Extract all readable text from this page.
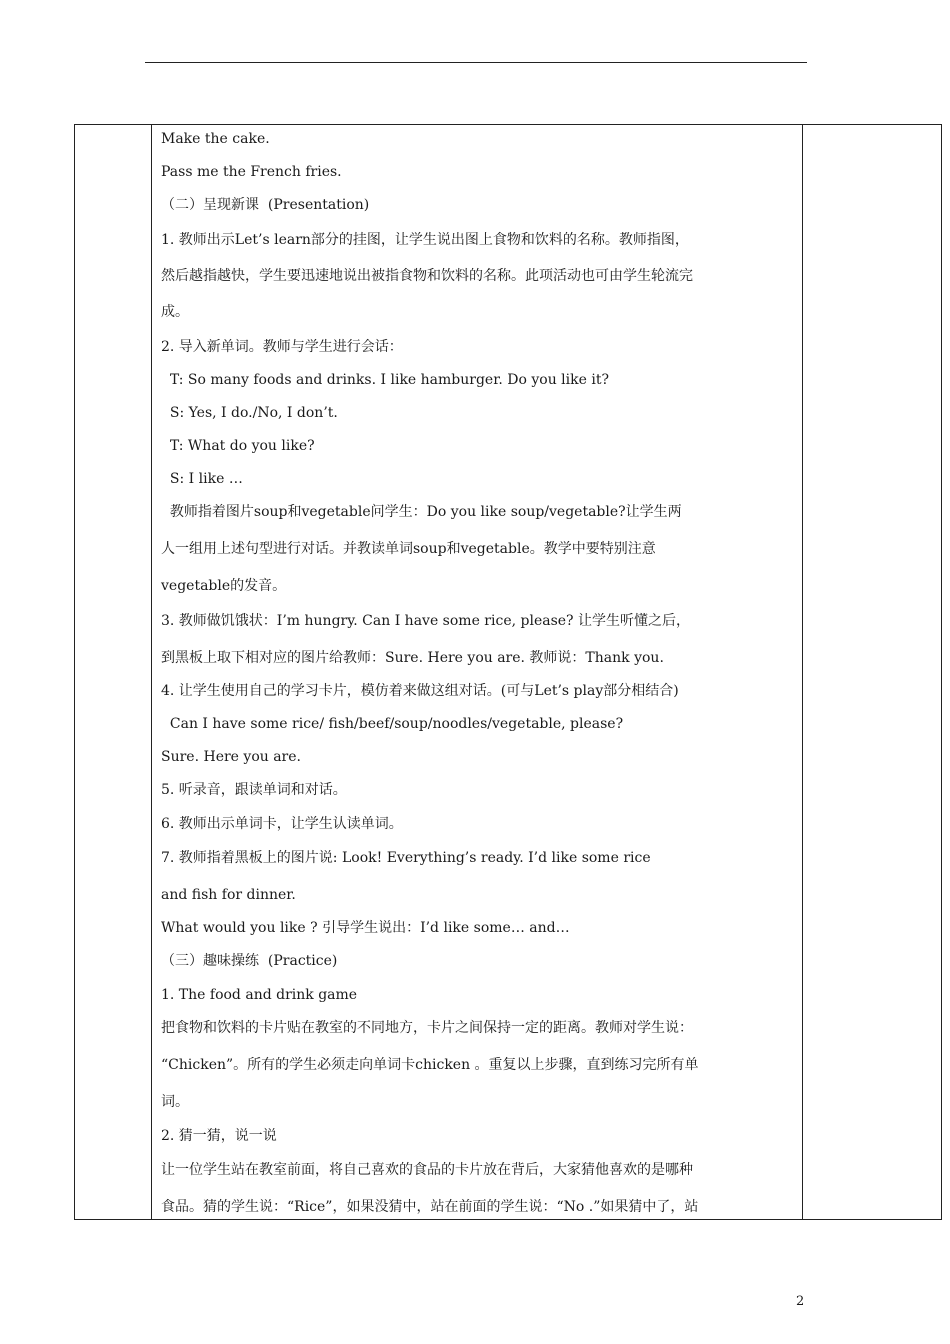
Make the cake.
Pass me the French fries.
（二）呈现新课  (Presentation)
1. 教师出示Let’s learn部分的挂图，让学生说出图上食物和饮料的名称。教师指图，
然后越指越快，学生要迅速地说出被指食物和饮料的名称。此项活动也可由学生轮流完
成。
2. 导入新单词。教师与学生进行会话：
T: So many foods and drinks. I like hamburger. Do you like it?
S: Yes, I do./No, I don’t.
T: What do you like?
S: I like …
教师指着图片soup和vegetable问学生：Do you like soup/vegetable?让学生两
人一组用上述句型进行对话。并教读单词soup和vegetable。教学中要特别注意
vegetable的发音。
3. 教师做饥饿状：I’m hungry. Can I have some rice, please? 让学生听懂之后，
到黑板上取下相对应的图片给教师：Sure. Here you are. 教师说：Thank you.
4. 让学生使用自己的学习卡片，模仿着来做这组对话。(可与Let’s play部分相结合)
Can I have some rice/ fish/beef/soup/noodles/vegetable, please?
Sure. Here you are.
5. 听录音，跟读单词和对话。
6. 教师出示单词卡，让学生认读单词。
7. 教师指着黑板上的图片说: Look! Everything’s ready. I’d like some rice
and fish for dinner.
What would you like ? 引导学生说出：I’d like some… and…
（三）趣味操练  (Practice)
1. The food and drink game
把食物和饮料的卡片贴在教室的不同地方，卡片之间保持一定的距离。教师对学生说：
“Chicken”。所有的学生必须走向单词卡chicken 。重复以上步骤，直到练习完所有单
词。
2. 猜一猜，说一说
让一位学生站在教室前面，将自己喜欢的食品的卡片放在背后，大家猜他喜欢的是哪种
食品。猜的学生说：“Rice”，如果没猜中，站在前面的学生说：“No .”如果猜中了，站
2
